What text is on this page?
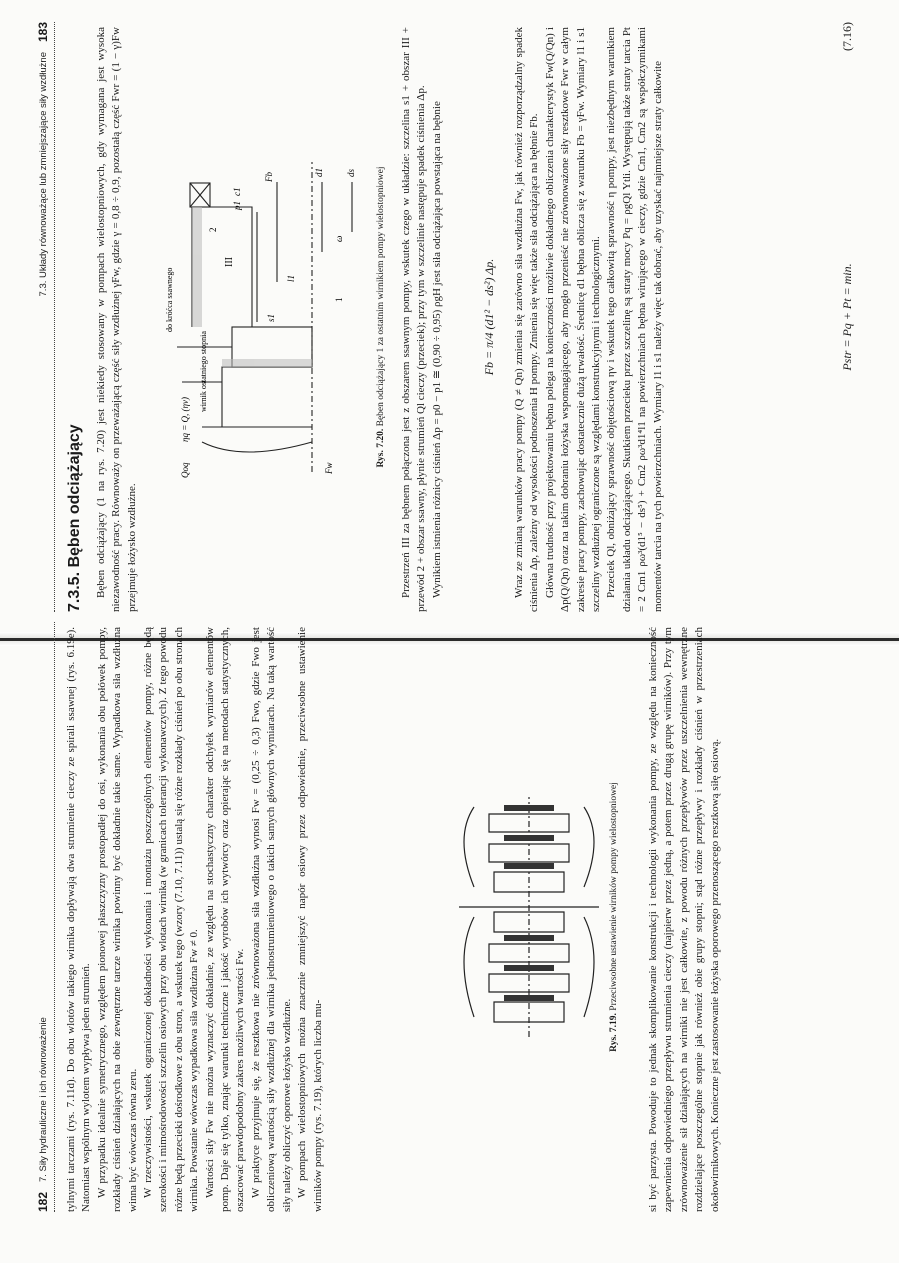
182
7. Siły hydrauliczne i ich równoważenie tylnymi tarczami (rys. 7.11d). Do obu wlotów takiego wirnika dopływają dwa strumienie cieczy ze spirali ssawnej (rys. 6.19e). Natomiast wspólnym wylotem wypływa jeden strumień. W przypadku idealnie symetrycznego, względem pionowej płaszczyzny prostopadłej do osi, wykonania obu połówek pompy, rozkłady ciśnień działających na obie zewnętrzne tarcze wirnika powinny być dokładnie takie same. Wypadkowa siła wzdłużna winna być wówczas równa zeru. W rzeczywistości, wskutek ograniczonej dokładności wykonania i montażu poszczególnych elementów pompy, różne będą szerokości i mimośrodowości szczelin osiowych przy obu wlotach wirnika (w granicach tolerancji wykonawczych). Z tego powodu różne będą przecieki dośrodkowe z obu stron, a wskutek tego (wzory (7.10, 7.11)) ustalą się różne rozkłady ciśnień po obu stronach wirnika. Powstanie wówczas wypadkowa siła wzdłużna Fw ≠ 0. Wartości siły Fw nie można wyznaczyć dokładnie, ze względu na stochastyczny charakter odchyłek wymiarów elementów pomp. Daje się tylko, znając warunki techniczne i jakość wyrobów ich wytwórcy oraz opierając się na metodach statystycznych, oszacować prawdopodobny zakres możliwych wartości Fw. W praktyce przyjmuje się, że resztkowa nie zrównoważona siła wzdłużna wynosi Fw = (0,25 ÷ 0,3) Fwo, gdzie Fwo jest obliczeniową wartością siły wzdłużnej dla wirnika jednostrumieniowego o takich samych głównych wymiarach. Na taką wartość siły należy obliczyć oporowe łożysko wzdłużne. W pompach wielostopniowych można znacznie zmniejszyć napór osiowy przez odpowiednie, przeciwsobne ustawienie wirników pompy (rys. 7.19), których liczba mu-	Rys. 7.19. Przeciwsobne ustawienie wirników pompy wielostopniowej	si być parzysta. Powoduje to jednak skomplikowanie konstrukcji i technologii wykonania pompy, ze względu na konieczność zapewnienia odpowiedniego przepływu strumienia cieczy (najpierw przez jedną, a potem przez drugą grupę wirników). Przy tym zrównoważenie sił działających na wirniki nie jest całkowite, z powodu różnych przepływów przez uszczelnienia wewnętrzne rozdzielające poszczególne stopnie jak również obie grupy stopni; stąd różne przepływy i rozkłady ciśnień w przestrzeniach okołowirnikowych. Konieczne jest zastosowanie łożyska oporowego przenoszącego resztkową siłę osiową.

7.3. Układy równoważące lub zmniejszające siły wzdłużne
183
7.3.5. Bęben odciążający Bęben odciążający (1 na rys. 7.20) jest niekiedy stosowany w pompach wielostopniowych, gdy wymagana jest wysoka niezawodność pracy. Równoważy on przeważającą część siły wzdłużnej γFw, gdzie γ = 0,8 ÷ 0,9, pozostałą część Fwr = (1 − γ)Fw przejmuje łożysko wzdłużne.

Qoq
ηq = Q, (ηv)
do króćca ssawnego
wirnik ostatniego stopnia
III
p1
c1
Fb
Fw
d1 ds
s1
l1
1
2
ω
Rys. 7.20. Bęben odciążający 1 za ostatnim wirnikiem pompy wielostopniowej Przestrzeń III za bębnem połączona jest z obszarem ssawnym pompy, wskutek czego w układzie: szczelina s1 + obszar III + przewód 2 + obszar ssawny, płynie strumień Ql cieczy (przeciek); przy tym w szczelinie następuje spadek ciśnienia Δp. Wynikiem istnienia różnicy ciśnień Δp = p0 − p1 ≅ (0,90 ÷ 0,95) ρgH jest siła odciążająca powstająca na bębnie	Fb = π/4 (d1² − ds²) Δp. Wraz ze zmianą warunków pracy pompy (Q ≠ Qn) zmienia się zarówno siła wzdłużna Fw, jak również rozporządzalny spadek ciśnienia Δp, zależny od wysokości podnoszenia H pompy. Zmienia się więc także siła odciążająca na bębnie Fb. Główna trudność przy projektowaniu bębna polega na konieczności możliwie dokładnego obliczenia charakterystyk Fw(Q/Qn) i Δp(Q/Qn) oraz na takim dobraniu łożyska wspomagającego, aby mogło przenieść nie zrównoważone siły resztkowe Fwr w całym zakresie pracy pompy, zachowując dostatecznie dużą trwałość. Średnicę d1 bębna oblicza się z warunku Fb = γFw. Wymiary l1 i s1 szczeliny wzdłużnej ograniczone są względami konstrukcyjnymi i technologicznymi. Przeciek Ql, obniżający sprawność objętościową ηv i wskutek tego całkowitą sprawność η pompy, jest niezbędnym warunkiem działania układu odciążającego. Skutkiem przecieku przez szczelinę są straty mocy Pq = ρgQl Ytli. Występują także straty tarcia Pt = 2 Cm1 ρω³(d1⁵ − ds⁵) + Cm2 ρω³d1⁴l1 na powierzchniach bębna wirującego w cieczy, gdzie Cm1, Cm2 są współczynnikami momentów tarcia na tych powierzchniach. Wymiary l1 i s1 należy więc tak dobrać, aby uzyskać najmniejsze straty całkowite	Pstr = Pq + Pt = min.
(7.16)
